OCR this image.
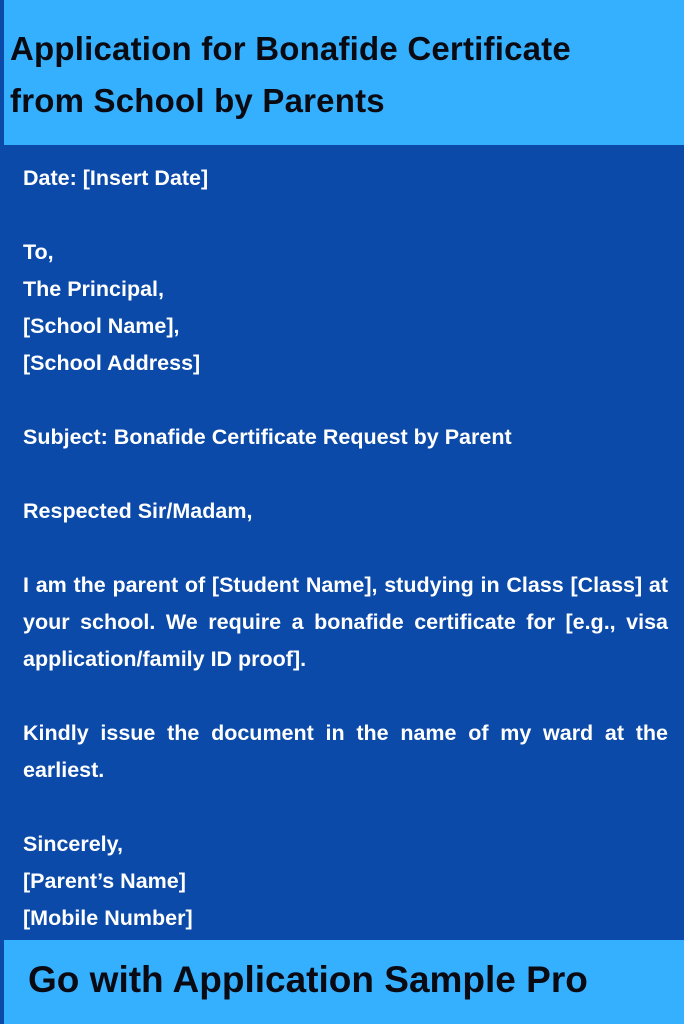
Application for Bonafide Certificate
from School by Parents
Date: [Insert Date]
To,
The Principal,
[School Name],
[School Address]
Subject: Bonafide Certificate Request by Parent
Respected Sir/Madam,
I am the parent of [Student Name], studying in Class [Class] at your school. We require a bonafide certificate for [e.g., visa application/family ID proof].
Kindly issue the document in the name of my ward at the earliest.
Sincerely,
[Parent’s Name]
[Mobile Number]

Go with Application Sample Pro
